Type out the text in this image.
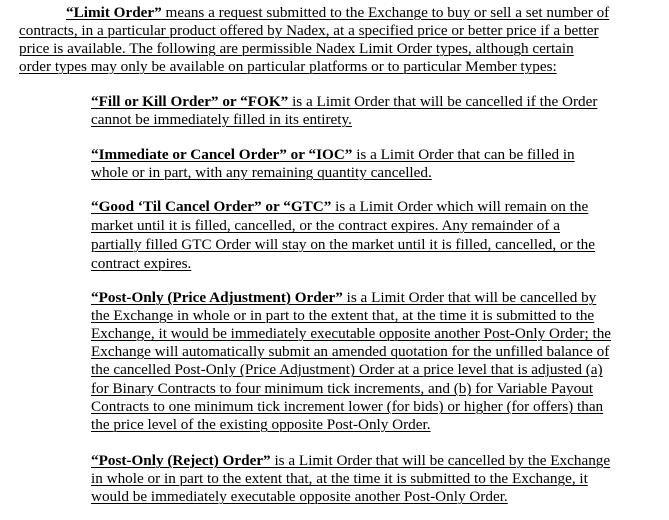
“Limit Order” means a request submitted to the Exchange to buy or sell a set number of
contracts, in a particular product offered by Nadex, at a specified price or better price if a better
price is available. The following are permissible Nadex Limit Order types, although certain
order types may only be available on particular platforms or to particular Member types:
“Fill or Kill Order” or “FOK” is a Limit Order that will be cancelled if the Order
cannot be immediately filled in its entirety.
“Immediate or Cancel Order” or “IOC” is a Limit Order that can be filled in
whole or in part, with any remaining quantity cancelled.
“Good ‘Til Cancel Order” or “GTC” is a Limit Order which will remain on the
market until it is filled, cancelled, or the contract expires. Any remainder of a
partially filled GTC Order will stay on the market until it is filled, cancelled, or the
contract expires.
“Post-Only (Price Adjustment) Order” is a Limit Order that will be cancelled by
the Exchange in whole or in part to the extent that, at the time it is submitted to the
Exchange, it would be immediately executable opposite another Post-Only Order; the
Exchange will automatically submit an amended quotation for the unfilled balance of
the cancelled Post-Only (Price Adjustment) Order at a price level that is adjusted (a)
for Binary Contracts to four minimum tick increments, and (b) for Variable Payout
Contracts to one minimum tick increment lower (for bids) or higher (for offers) than
the price level of the existing opposite Post-Only Order.
“Post-Only (Reject) Order” is a Limit Order that will be cancelled by the Exchange
in whole or in part to the extent that, at the time it is submitted to the Exchange, it
would be immediately executable opposite another Post-Only Order.
